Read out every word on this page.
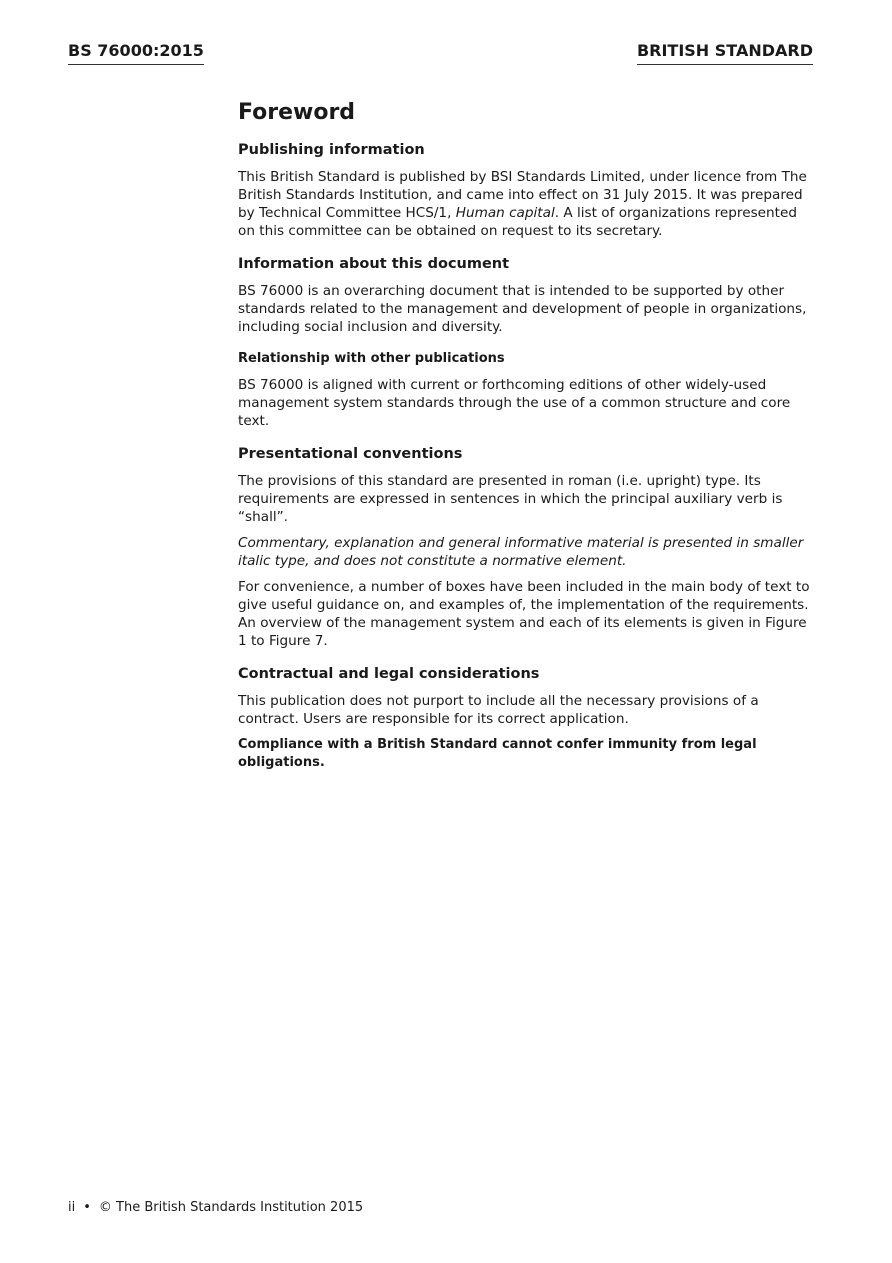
BS 76000:2015	BRITISH STANDARD
Foreword
Publishing information

This British Standard is published by BSI Standards Limited, under licence from The British Standards Institution, and came into effect on 31 July 2015. It was prepared by Technical Committee HCS/1, Human capital. A list of organizations represented on this committee can be obtained on request to its secretary.

Information about this document

BS 76000 is an overarching document that is intended to be supported by other standards related to the management and development of people in organizations, including social inclusion and diversity.

Relationship with other publications

BS 76000 is aligned with current or forthcoming editions of other widely-used management system standards through the use of a common structure and core text.

Presentational conventions

The provisions of this standard are presented in roman (i.e. upright) type. Its requirements are expressed in sentences in which the principal auxiliary verb is “shall”.

Commentary, explanation and general informative material is presented in smaller italic type, and does not constitute a normative element.

For convenience, a number of boxes have been included in the main body of text to give useful guidance on, and examples of, the implementation of the requirements. An overview of the management system and each of its elements is given in Figure 1 to Figure 7.

Contractual and legal considerations

This publication does not purport to include all the necessary provisions of a contract. Users are responsible for its correct application.

Compliance with a British Standard cannot confer immunity from legal obligations.

ii • © The British Standards Institution 2015
